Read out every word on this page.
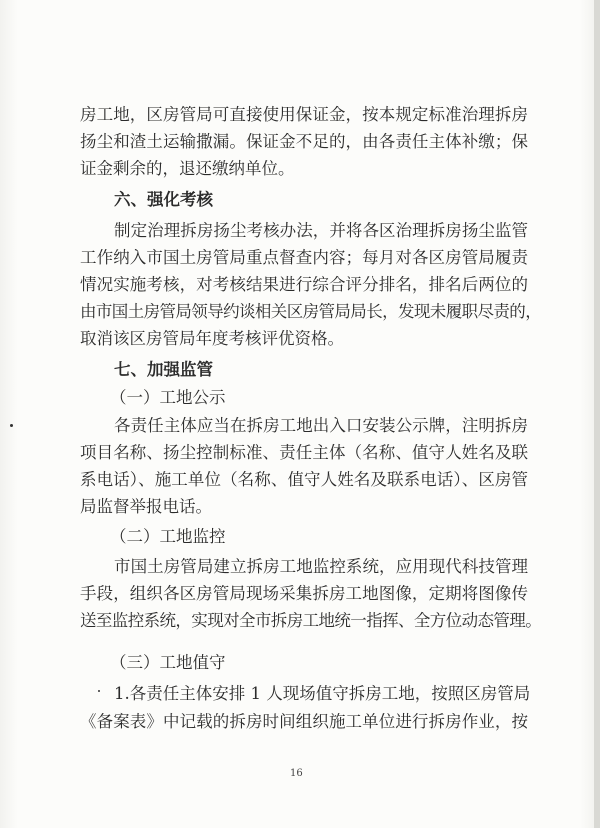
房工地，区房管局可直接使用保证金，按本规定标准治理拆房
扬尘和渣土运输撒漏。保证金不足的，由各责任主体补缴；保
证金剩余的，退还缴纳单位。
六、强化考核
制定治理拆房扬尘考核办法，并将各区治理拆房扬尘监管
工作纳入市国土房管局重点督查内容；每月对各区房管局履责
情况实施考核，对考核结果进行综合评分排名，排名后两位的
由市国土房管局领导约谈相关区房管局局长，发现未履职尽责的，
取消该区房管局年度考核评优资格。
七、加强监管
（一）工地公示
各责任主体应当在拆房工地出入口安装公示牌，注明拆房
项目名称、扬尘控制标准、责任主体（名称、值守人姓名及联
系电话）、施工单位（名称、值守人姓名及联系电话）、区房管
局监督举报电话。
（二）工地监控
市国土房管局建立拆房工地监控系统，应用现代科技管理
手段，组织各区房管局现场采集拆房工地图像，定期将图像传
送至监控系统，实现对全市拆房工地统一指挥、全方位动态管理。
（三）工地值守
1.各责任主体安排 1 人现场值守拆房工地，按照区房管局
《备案表》中记载的拆房时间组织施工单位进行拆房作业，按
16
